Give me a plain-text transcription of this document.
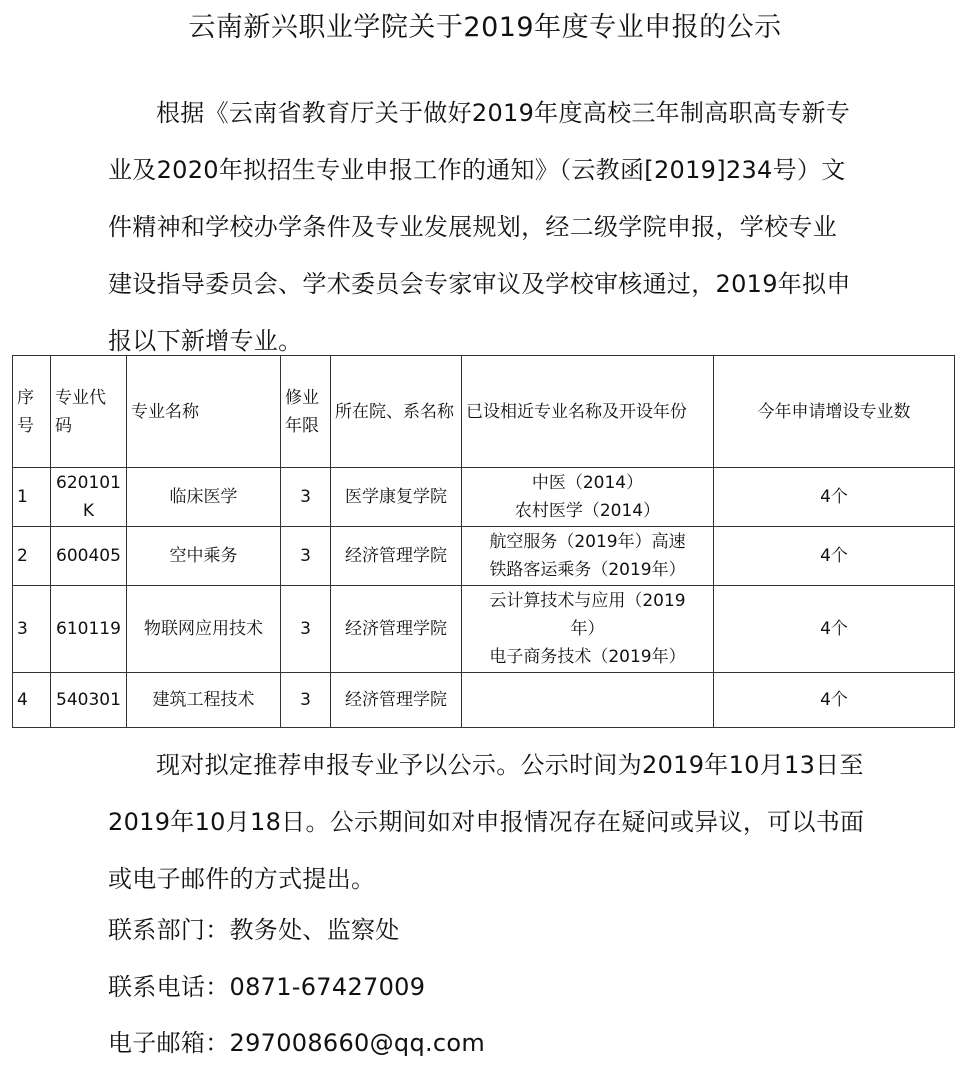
云南新兴职业学院关于2019年度专业申报的公示
根据《云南省教育厅关于做好2019年度高校三年制高职高专新专
业及2020年拟招生专业申报工作的通知》（云教函[2019]234号）文
件精神和学校办学条件及专业发展规划，经二级学院申报，学校专业
建设指导委员会、学术委员会专家审议及学校审核通过，2019年拟申
报以下新增专业。
序号	专业代码	专业名称	修业年限	所在院、系名称	已设相近专业名称及开设年份	今年申请增设专业数
1	620101K	临床医学	3	医学康复学院	中医（2014）
农村医学（2014）	4个
2	600405	空中乘务	3	经济管理学院	航空服务（2019年）高速
铁路客运乘务（2019年）	4个
3	610119	物联网应用技术	3	经济管理学院	云计算技术与应用（2019
年）
电子商务技术（2019年）	4个
4	540301	建筑工程技术	3	经济管理学院		4个
现对拟定推荐申报专业予以公示。公示时间为2019年10月13日至
2019年10月18日。公示期间如对申报情况存在疑问或异议，可以书面
或电子邮件的方式提出。
联系部门：教务处、监察处
联系电话：0871-67427009
电子邮箱：297008660@qq.com
